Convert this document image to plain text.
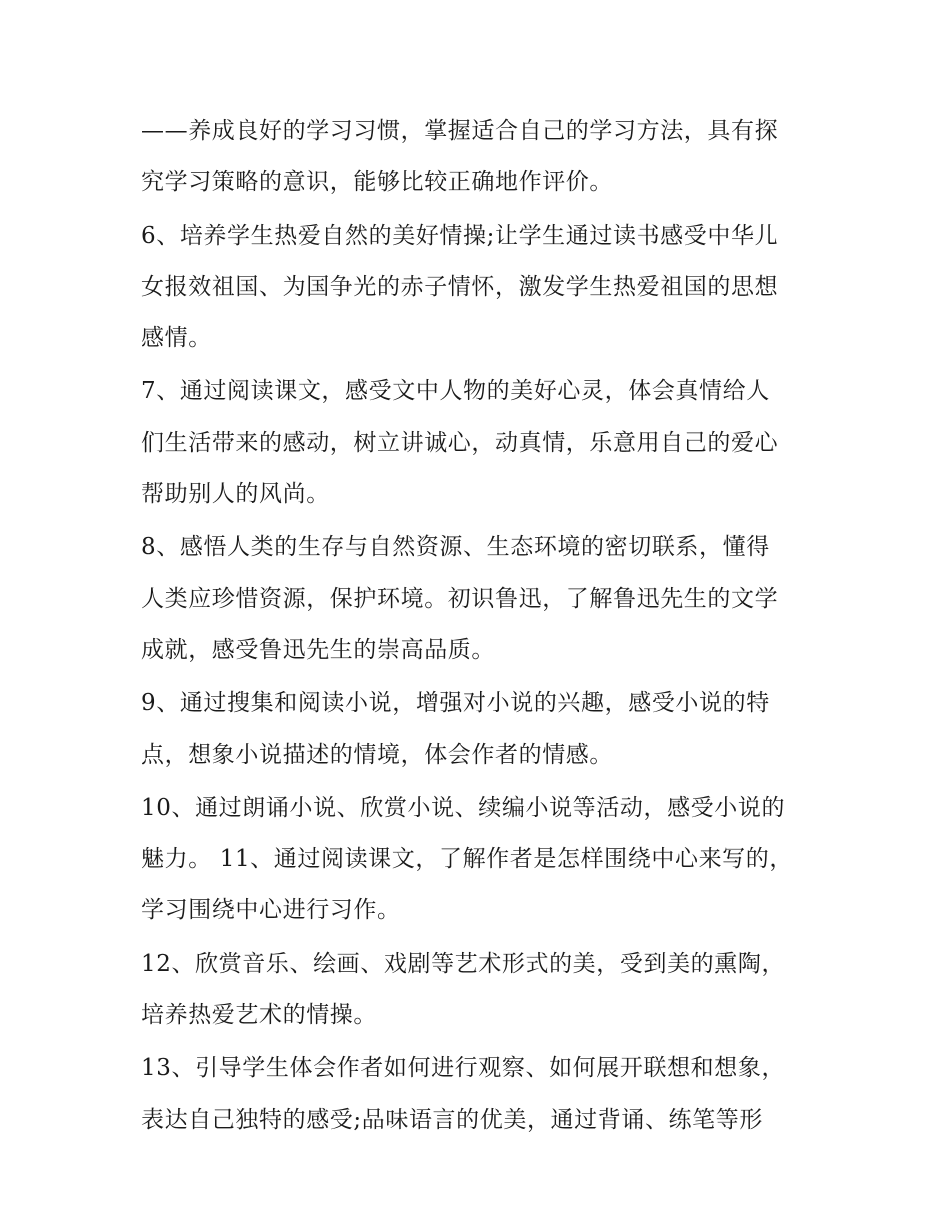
——养成良好的学习习惯，掌握适合自己的学习方法，具有探
究学习策略的意识，能够比较正确地作评价。
6、培养学生热爱自然的美好情操;让学生通过读书感受中华儿
女报效祖国、为国争光的赤子情怀，激发学生热爱祖国的思想
感情。
7、通过阅读课文，感受文中人物的美好心灵，体会真情给人
们生活带来的感动，树立讲诚心，动真情，乐意用自己的爱心
帮助别人的风尚。
8、感悟人类的生存与自然资源、生态环境的密切联系，懂得
人类应珍惜资源，保护环境。初识鲁迅，了解鲁迅先生的文学
成就，感受鲁迅先生的崇高品质。
9、通过搜集和阅读小说，增强对小说的兴趣，感受小说的特
点，想象小说描述的情境，体会作者的情感。
10、通过朗诵小说、欣赏小说、续编小说等活动，感受小说的
魅力。 11、通过阅读课文，了解作者是怎样围绕中心来写的，
学习围绕中心进行习作。
12、欣赏音乐、绘画、戏剧等艺术形式的美，受到美的熏陶，
培养热爱艺术的情操。
13、引导学生体会作者如何进行观察、如何展开联想和想象，
表达自己独特的感受;品味语言的优美，通过背诵、练笔等形
